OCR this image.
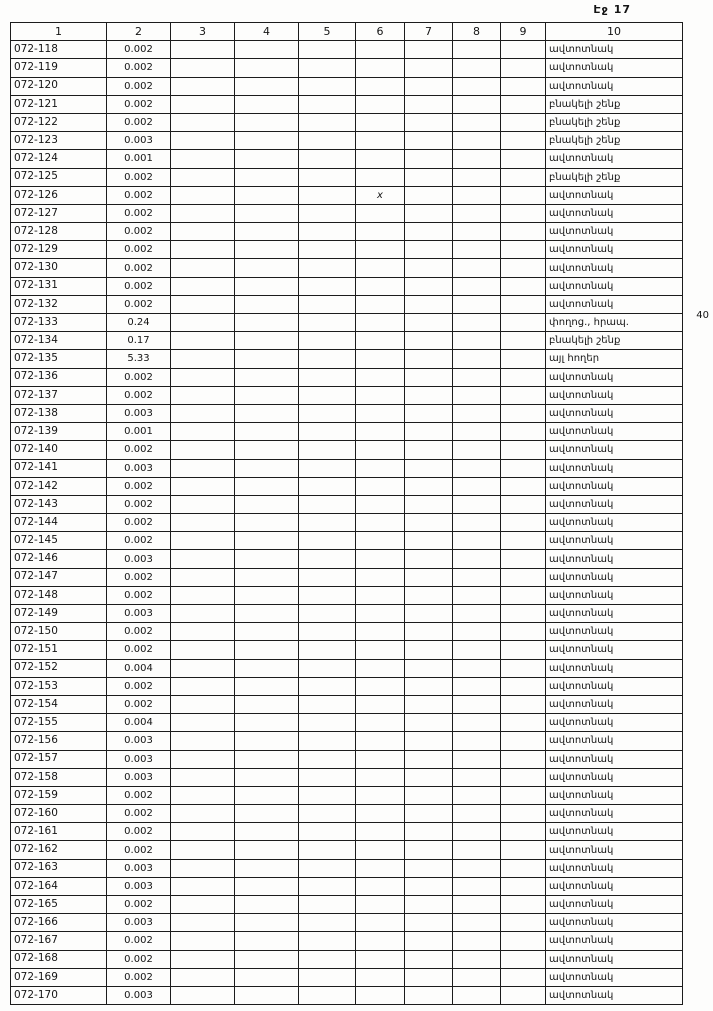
Էջ 17
40
1	2	3	4	5	6	7	8	9	10
072-118	0.002								ավտոտնակ
072-119	0.002								ավտոտնակ
072-120	0.002								ավտոտնակ
072-121	0.002								բնակելի շենք
072-122	0.002								բնակելի շենք
072-123	0.003								բնակելի շենք
072-124	0.001								ավտոտնակ
072-125	0.002								բնակելի շենք
072-126	0.002				x				ավտոտնակ
072-127	0.002								ավտոտնակ
072-128	0.002								ավտոտնակ
072-129	0.002								ավտոտնակ
072-130	0.002								ավտոտնակ
072-131	0.002								ավտոտնակ
072-132	0.002								ավտոտնակ
072-133	0.24								փողոց., հրապ.
072-134	0.17								բնակելի շենք
072-135	5.33								այլ հողեր
072-136	0.002								ավտոտնակ
072-137	0.002								ավտոտնակ
072-138	0.003								ավտոտնակ
072-139	0.001								ավտոտնակ
072-140	0.002								ավտոտնակ
072-141	0.003								ավտոտնակ
072-142	0.002								ավտոտնակ
072-143	0.002								ավտոտնակ
072-144	0.002								ավտոտնակ
072-145	0.002								ավտոտնակ
072-146	0.003								ավտոտնակ
072-147	0.002								ավտոտնակ
072-148	0.002								ավտոտնակ
072-149	0.003								ավտոտնակ
072-150	0.002								ավտոտնակ
072-151	0.002								ավտոտնակ
072-152	0.004								ավտոտնակ
072-153	0.002								ավտոտնակ
072-154	0.002								ավտոտնակ
072-155	0.004								ավտոտնակ
072-156	0.003								ավտոտնակ
072-157	0.003								ավտոտնակ
072-158	0.003								ավտոտնակ
072-159	0.002								ավտոտնակ
072-160	0.002								ավտոտնակ
072-161	0.002								ավտոտնակ
072-162	0.002								ավտոտնակ
072-163	0.003								ավտոտնակ
072-164	0.003								ավտոտնակ
072-165	0.002								ավտոտնակ
072-166	0.003								ավտոտնակ
072-167	0.002								ավտոտնակ
072-168	0.002								ավտոտնակ
072-169	0.002								ավտոտնակ
072-170	0.003								ավտոտնակ
